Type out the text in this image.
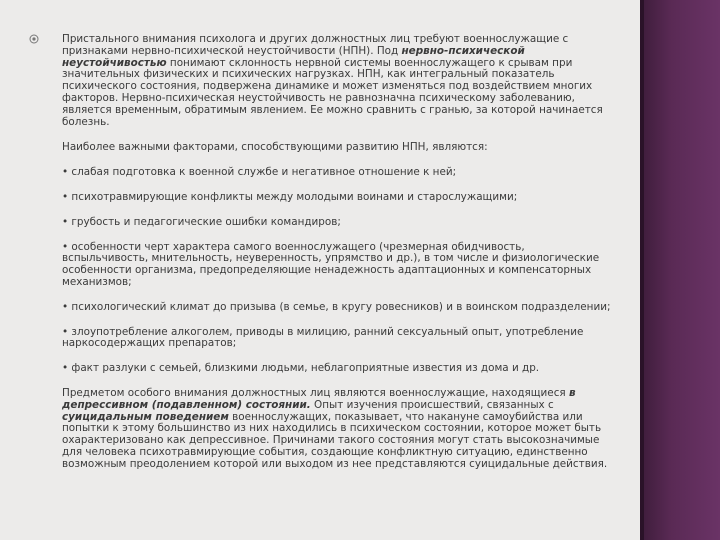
Пристального внимания психолога и других должностных лиц требуют военнослужащие с признаками нервно-психической неустойчивости (НПН). Под нервно-психической неустойчивостью понимают склонность нервной системы военнослужащего к срывам при значительных физических и психических нагрузках. НПН, как интегральный показатель психического состояния, подвержена динамике и может изменяться под воздействием многих факторов. Нервно-психическая неустойчивость не равнозначна психическому заболеванию, является временным, обратимым явлением. Ее можно сравнить с гранью, за которой начинается болезнь.

Наиболее важными факторами, способствующими развитию НПН, являются:

• слабая подготовка к военной службе и негативное отношение к ней;

• психотравмирующие конфликты между молодыми воинами и старослужащими;

• грубость и педагогические ошибки командиров;

• особенности черт характера самого военнослужащего (чрезмерная обидчивость, вспыльчивость, мнительность, неуверенность, упрямство и др.), в том числе и физиологические особенности организма, предопределяющие ненадежность адаптационных и компенсаторных механизмов;

• психологический климат до призыва (в семье, в кругу ровесников) и в воинском подразделении;

• злоупотребление алкоголем, приводы в милицию, ранний сексуальный опыт, употребление наркосодержащих препаратов;

• факт разлуки с семьей, близкими людьми, неблагоприятные известия из дома и др.

Предметом особого внимания должностных лиц являются военнослужащие, находящиеся в депрессивном (подавленном) состоянии. Опыт изучения происшествий, связанных с суицидальным поведением военнослужащих, показывает, что накануне самоубийства или попытки к этому большинство из них находились в психическом состоянии, которое может быть охарактеризовано как депрессивное. Причинами такого состояния могут стать высокозначимые для человека психотравмирующие события, создающие конфликтную ситуацию, единственно возможным преодолением которой или выходом из нее представляются суицидальные действия.
